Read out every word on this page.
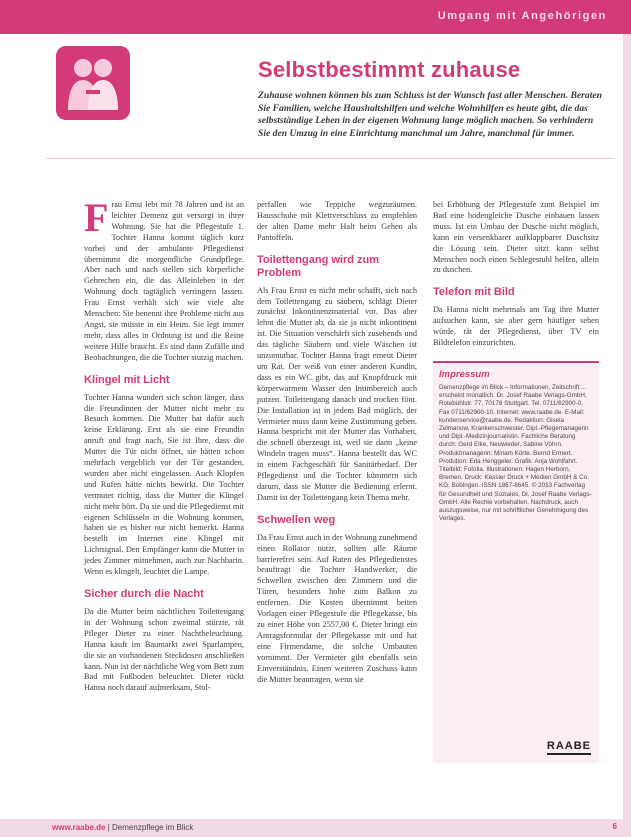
Umgang mit Angehörigen
Selbstbestimmt zuhause
Zuhause wohnen können bis zum Schluss ist der Wunsch fast aller Menschen. Beraten Sie Familien, welche Haushaltshilfen und welche Wohnhilfen es heute gibt, die das selbstständige Leben in der eigenen Wohnung lange möglich machen. So verhindern Sie den Umzug in eine Einrichtung manchmal um Jahre, manchmal für immer.
F rau Ernst lebt mit 78 Jahren und ist an leichter Demenz gut versorgt in ihrer Wohnung. Sie hat die Pflegestufe 1. Tochter Hanna kommt täglich kurz vorbei und der ambulante Pflegedienst übernimmt die morgendliche Grundpflege. Aber nach und nach stellen sich körperliche Gebrechen ein, die das Alleinleben in der Wohnung doch tagtäglich verringern lassen. Frau Ernst verhält sich wie viele alte Menschen: Sie benennt ihre Probleme nicht aus Angst, sie müsste in ein Heim. Sie legt immer mehr, dass alles in Ordnung ist und die Reine weitere Hilfe braucht. Es sind dann Zufälle und Beobachtungen, die die Tochter stutzig machen.

Klingel mit Licht

Tochter Hanna wundert sich schon länger, dass die Freundinnen der Mutter nicht mehr zu Besuch kommen. Die Mutter hat dafür auch keine Erklärung. Erst als sie eine Freundin anruft und fragt nach, Sie ist Ihre, dass die Mutter die Tür nicht öffnet, sie hätten schon mehrfach vergeblich vor der Tür gestanden, wurden aber nicht eingelassen. Auch Klopfen und Rufen hätte nichts bewirkt. Die Tochter vermutet richtig, dass die Mutter die Klingel nicht mehr hört. Da sie und die Pflegedienst mit eigenen Schlüsseln in die Wohnung kommen, haben sie es bisher nur nicht bemerkt. Hanna bestellt im Internet eine Klingel mit Lichtsignal. Den Empfänger kann die Mutter in jedes Zimmer mitnehmen, auch zur Nachbarin. Wenn es klingelt, leuchtet die Lampe.

Sicher durch die Nacht

Da die Mutter beim nächtlichen Toilettengang in der Wohnung schon zweimal stürzte, rät Pfleger Dieter zu einer Nachtbeleuchtung. Hanna kauft im Baumarkt zwei Sparlampen, die sie an vorhandenen Steckdosen anschließen kann. Nun ist der nächtliche Weg vom Bett zum Bad mit Fußboden beleuchtet. Dieter rückt Hanna noch darauf aufmerksam, Stol-

perfallen wie Teppiche wegzuräumen. Hausschuhe mit Klettverschluss zu empfehlen der alten Dame mehr Halt beim Gehen als Pantoffeln.

Toilettengang wird zum Problem

Als Frau Ernst es nicht mehr schafft, sich nach dem Toilettengang zu säubern, schlägt Dieter zunächst Inkontinenzmaterial vor. Das aber lehnt die Mutter ab, da sie ja nicht inkontinent ist. Die Situation verschärft sich zusehends und das tägliche Säubern und viele Wäschen ist unzumutbar. Tochter Hanna fragt erneut Dieter um Rat. Der weiß von einer anderen Kundin, dass es ein WC gibt, das auf Knopfdruck mit körperwarmem Wasser den Intimbereich auch putzen. Toilettengang danach und trocken fönt. Die Installation ist in jedem Bad möglich, der Vermieter muss dann keine Zustimmung geben. Hanna bespricht mit der Mutter das Vorhaben, die schnell überzeugt ist, weil sie dann „keine Windeln tragen muss“. Hanna bestellt das WC in einem Fachgeschäft für Sanitärbedarf. Der Pflegedienst und die Tochter kümmern sich darum, dass sie Mutter die Bedienung erlernt. Damit ist der Toilettengang kein Thema mehr.

Schwellen weg

Da Frau Ernst auch in der Wohnung zunehmend einen Rollator nutzt, sollten alle Räume barrierefrei sein. Auf Raten des Pflegedienstes beauftragt die Tochter Handwerker, die Schwellen zwischen den Zimmern und die Türen, besonders hohe zum Balkon zu entfernen. Die Kosten übernimmt beiten Vorlagen einer Pflegestufe die Pflegekasse, bis zu einer Höhe von 2557,00 €. Dieter bringt ein Antragsformular der Pflegekasse mit und hat eine Firmendame, die solche Umbauten vornimmt. Der Vermieter gibt ebenfalls sein Einverständnis. Einen weiteren Zuschuss kann die Mutter beantragen, wenn sie

bei Erhöhung der Pflegestufe zum Beispiel im Bad eine bodengleiche Dusche einbauen lassen muss. Ist ein Umbau der Dusche nicht möglich, kann ein versenkbarer aufklappbarer Duschsitz die Lösung sein. Dieter sitzt kann selbst Menschen noch einen Schlegestuhl helfen, allein zu duschen.

Telefon mit Bild

Da Hanna nicht mehrmals am Tag ihre Mutter aufsuchen kann, sie aber gern häufiger sehen würde, rät der Pflegedienst, über TV ein Bildtelefon einzurichten.

Impressum

Demenzpflege im Blick – Informationen, Zeitschrift ... erscheint monatlich. Dr. Josef Raabe Verlags-GmbH, Rotebühlstr. 77, 70178 Stuttgart. Tel. 0711/62900-0, Fax 0711/62900-10. Internet: www.raabe.de. E-Mail: kundenservice@raabe.de. Redaktion: Gisela Zelmanow, Krankenschwester, Dipl.-Pflegemanagerin und Dipl.-Medizinjournalistin. Fachliche Beratung durch: Gerd Elke, Neuwieder, Sabine Vöhrn. Produktmanagerin: Miriam Körte. Bernd Ermert. Prodution: Erla Henggeler. Grafik: Anja Wohlfahrt. Titelbild: Fotolia. Illustrationen: Hagen Herborn, Bremen. Druck: Kessler Druck + Medien GmbH & Co. KG, Bobingen. ISSN 1867-8645. © 2013 Fachverlag für Gesundheit und Soziales, Dr. Josef Raabe Verlags-GmbH. Alle Rechte vorbehalten. Nachdruck, auch auszugsweise, nur mit schriftlicher Genehmigung des Verlages.

RAABE
www.raabe.de | Demenzpflege im Blick	6
